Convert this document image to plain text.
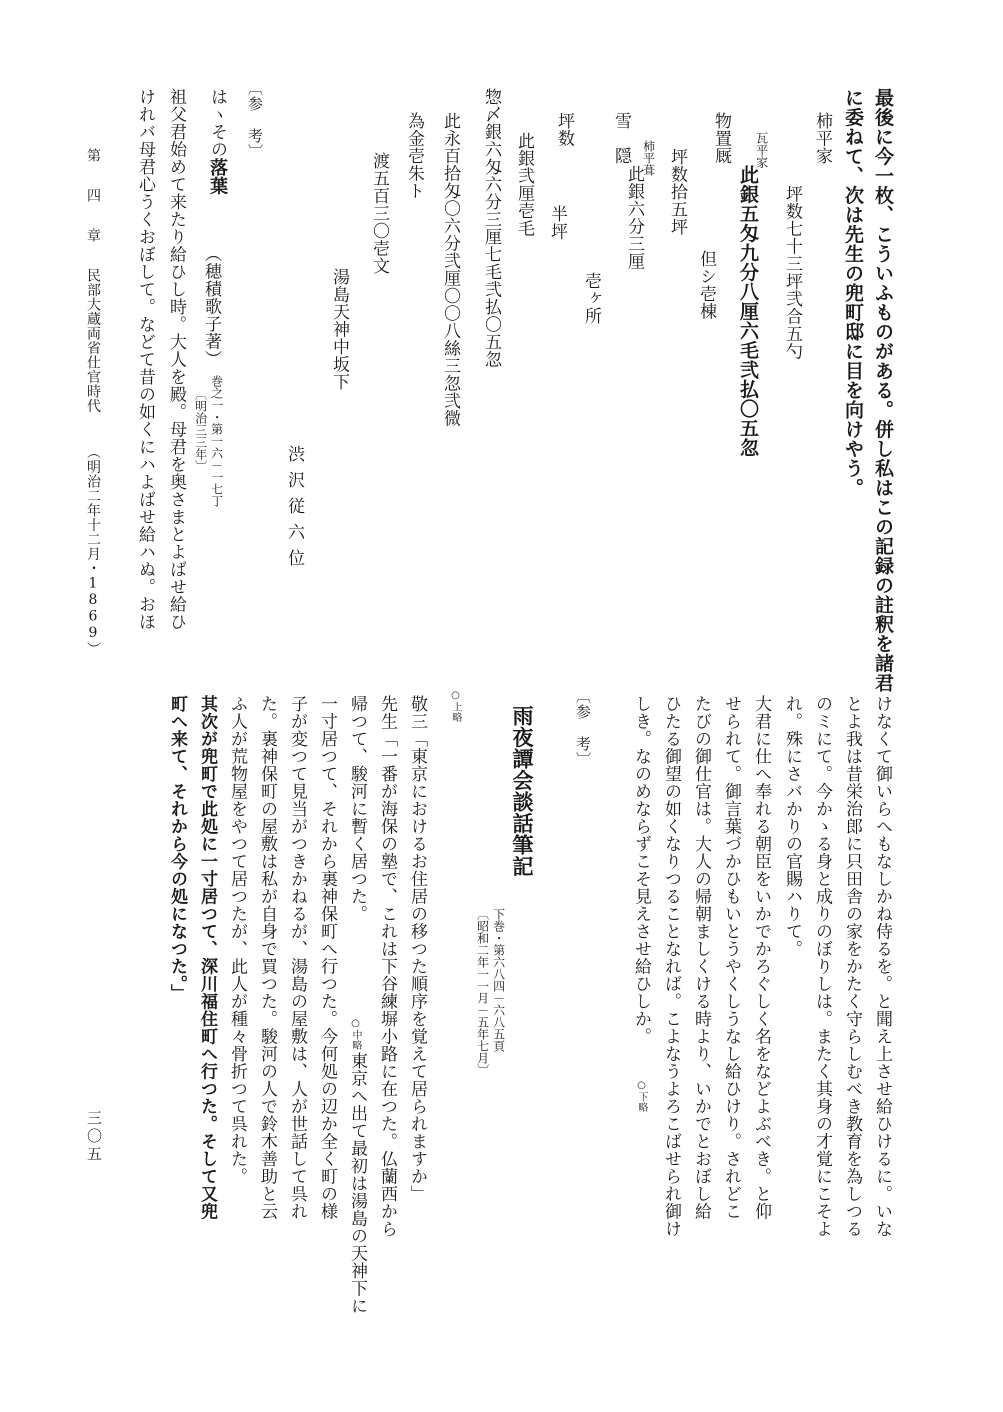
最後に今一枚、こういふものがある。併し私はこの記録の註釈を諸君
に委ねて、次は先生の兜町邸に目を向けやう。
柿平家
坪数七十三坪弐合五勺
瓦平家
此銀五匁九分八厘六毛弐払〇五忽
物置厩
但シ壱棟
坪数拾五坪
柿平葺
此銀六分三厘
雪　隠
壱ヶ所
坪数
半坪
此銀弐厘壱毛
惣〆銀六匁六分三厘七毛弐払〇五忽
此永百拾匁〇六分弐厘〇〇八絲三忽弐微
為金壱朱ト
渡五百三〇壱文
湯島天神中坂下
渋沢従六位
〔参　考〕
はヽその落葉
（穂積歌子著）
巻之一・第一六－一七丁
〔明治三三年〕
祖父君始めて来たり給ひし時。大人を殿。母君を奥さまとよばせ給ひ
けれバ母君心うくおぼして。などて昔の如くにハよばせ給ハぬ。おほ
第　四　章
民部大蔵両省仕官時代
（明治二年十二月・1869）
けなくて御いらへもなしかね侍るを。と聞え上させ給ひけるに。いな
とよ我は昔栄治郎に只田舎の家をかたく守らしむべき教育を為しつる
のミにて。今かゝる身と成りのぼりしは。またく其身の才覚にこそよ
れ。殊にさバかりの官賜ハりて。
大君に仕へ奉れる朝臣をいかでかろぐしく名をなどよぶべき。と仰
せられて。御言葉づかひもいとうやくしうなし給ひけり。されどこ
たびの御仕官は。大人の帰朝ましくける時より、いかでとおぼし給
ひたる御望の如くなりつることなれば。こよなうよろこばせられ御け
しき。なのめならずこそ見えさせ給ひしか。
○下略
〔参　考〕
雨夜譚会談話筆記
下巻・第六八四－六八五頁
〔昭和二年一一月－五年七月〕
○上略
敬三「東京におけるお住居の移つた順序を覚えて居られますか」
先生「一番が海保の塾で、これは下谷練塀小路に在つた。仏蘭西から
帰つて、駿河に暫く居つた。
○中略
東京へ出て最初は湯島の天神下に
一寸居つて、それから裏神保町へ行つた。今何処の辺か全く町の様
子が変つて見当がつきかねるが、湯島の屋敷は、人が世話して呉れ
た。裏神保町の屋敷は私が自身で買つた。駿河の人で鈴木善助と云
ふ人が荒物屋をやつて居つたが、此人が種々骨折つて呉れた。
其次が兜町で此処に一寸居つて、深川福住町へ行つた。そして又兜
町へ来て、それから今の処になつた。」
三〇五
